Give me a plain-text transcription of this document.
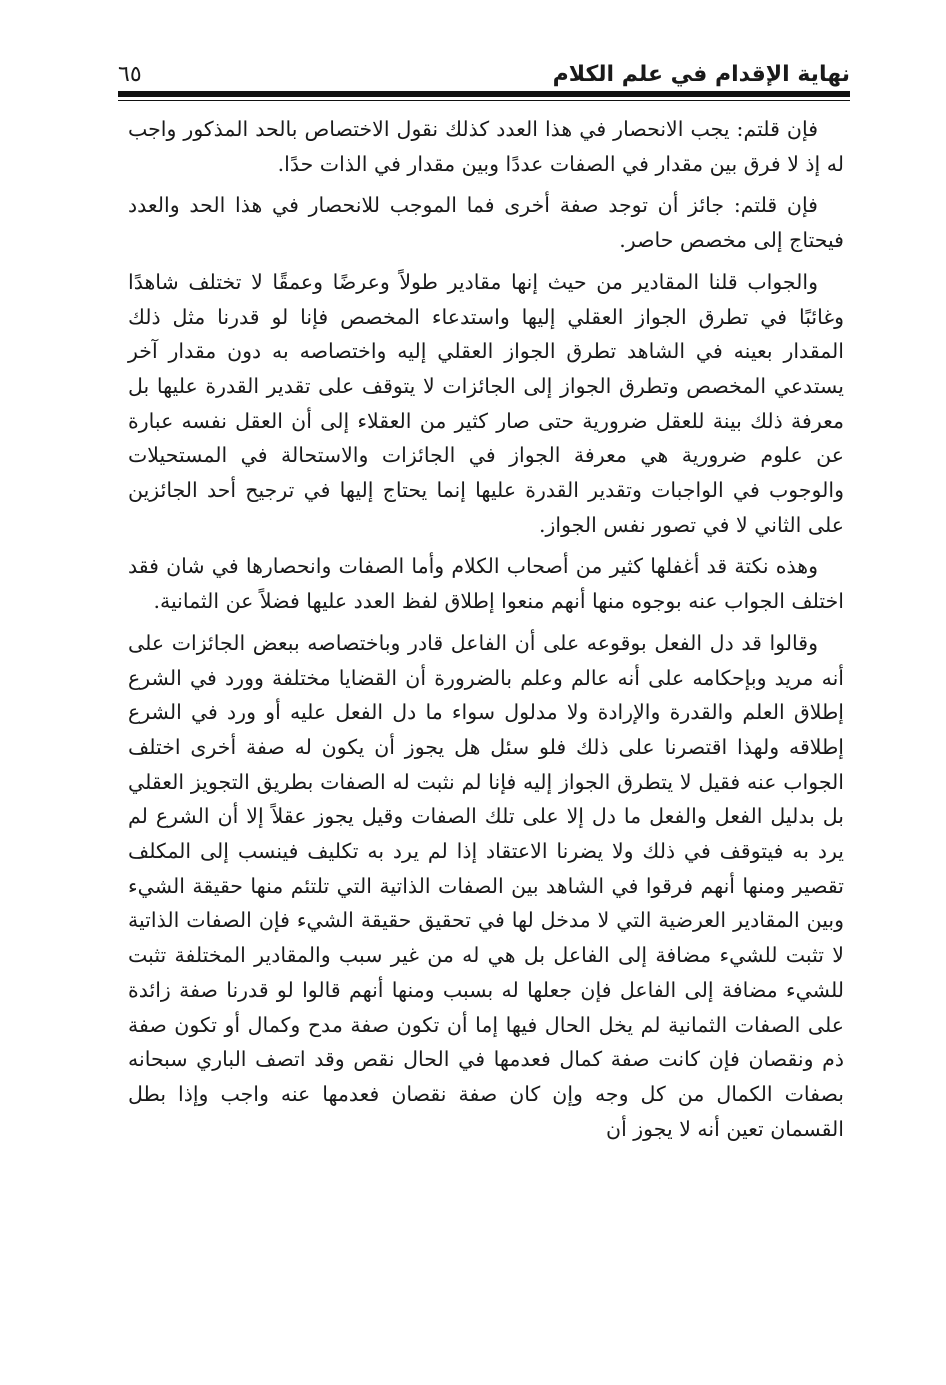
نهاية الإقدام في علم الكلام
٦٥

فإن قلتم: يجب الانحصار في هذا العدد كذلك نقول الاختصاص بالحد المذكور واجب له إذ لا فرق بين مقدار في الصفات عددًا وبين مقدار في الذات حدًا.

فإن قلتم: جائز أن توجد صفة أخرى فما الموجب للانحصار في هذا الحد والعدد فيحتاج إلى مخصص حاصر.

والجواب قلنا المقادير من حيث إنها مقادير طولاً وعرضًا وعمقًا لا تختلف شاهدًا وغائبًا في تطرق الجواز العقلي إليها واستدعاء المخصص فإنا لو قدرنا مثل ذلك المقدار بعينه في الشاهد تطرق الجواز العقلي إليه واختصاصه به دون مقدار آخر يستدعي المخصص وتطرق الجواز إلى الجائزات لا يتوقف على تقدير القدرة عليها بل معرفة ذلك بينة للعقل ضرورية حتى صار كثير من العقلاء إلى أن العقل نفسه عبارة عن علوم ضرورية هي معرفة الجواز في الجائزات والاستحالة في المستحيلات والوجوب في الواجبات وتقدير القدرة عليها إنما يحتاج إليها في ترجيح أحد الجائزين على الثاني لا في تصور نفس الجواز.

وهذه نكتة قد أغفلها كثير من أصحاب الكلام وأما الصفات وانحصارها في شان فقد اختلف الجواب عنه بوجوه منها أنهم منعوا إطلاق لفظ العدد عليها فضلاً عن الثمانية.

وقالوا قد دل الفعل بوقوعه على أن الفاعل قادر وباختصاصه ببعض الجائزات على أنه مريد وبإحكامه على أنه عالم وعلم بالضرورة أن القضايا مختلفة وورد في الشرع إطلاق العلم والقدرة والإرادة ولا مدلول سواء ما دل الفعل عليه أو ورد في الشرع إطلاقه ولهذا اقتصرنا على ذلك فلو سئل هل يجوز أن يكون له صفة أخرى اختلف الجواب عنه فقيل لا يتطرق الجواز إليه فإنا لم نثبت له الصفات بطريق التجويز العقلي بل بدليل الفعل والفعل ما دل إلا على تلك الصفات وقيل يجوز عقلاً إلا أن الشرع لم يرد به فيتوقف في ذلك ولا يضرنا الاعتقاد إذا لم يرد به تكليف فينسب إلى المكلف تقصير ومنها أنهم فرقوا في الشاهد بين الصفات الذاتية التي تلتئم منها حقيقة الشيء وبين المقادير العرضية التي لا مدخل لها في تحقيق حقيقة الشيء فإن الصفات الذاتية لا تثبت للشيء مضافة إلى الفاعل بل هي له من غير سبب والمقادير المختلفة تثبت للشيء مضافة إلى الفاعل فإن جعلها له بسبب ومنها أنهم قالوا لو قدرنا صفة زائدة على الصفات الثمانية لم يخل الحال فيها إما أن تكون صفة مدح وكمال أو تكون صفة ذم ونقصان فإن كانت صفة كمال فعدمها في الحال نقص وقد اتصف الباري سبحانه بصفات الكمال من كل وجه وإن كان صفة نقصان فعدمها عنه واجب وإذا بطل القسمان تعين أنه لا يجوز أن
